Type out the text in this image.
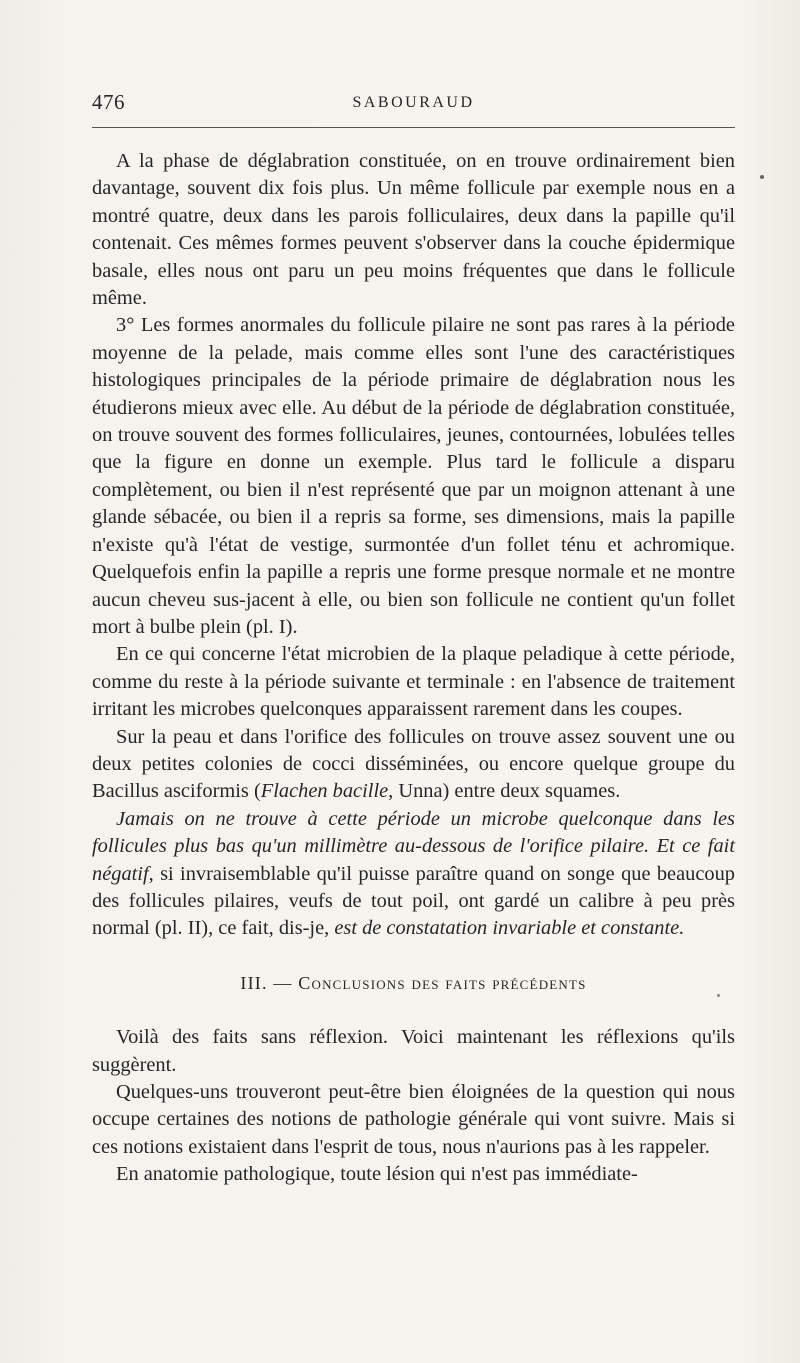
476	SABOURAUD

A la phase de déglabration constituée, on en trouve ordinairement bien davantage, souvent dix fois plus. Un même follicule par exemple nous en a montré quatre, deux dans les parois folliculaires, deux dans la papille qu'il contenait. Ces mêmes formes peuvent s'observer dans la couche épidermique basale, elles nous ont paru un peu moins fréquentes que dans le follicule même.

3° Les formes anormales du follicule pilaire ne sont pas rares à la période moyenne de la pelade, mais comme elles sont l'une des caractéristiques histologiques principales de la période primaire de déglabration nous les étudierons mieux avec elle. Au début de la période de déglabration constituée, on trouve souvent des formes folliculaires, jeunes, contournées, lobulées telles que la figure en donne un exemple. Plus tard le follicule a disparu complètement, ou bien il n'est représenté que par un moignon attenant à une glande sébacée, ou bien il a repris sa forme, ses dimensions, mais la papille n'existe qu'à l'état de vestige, surmontée d'un follet ténu et achromique. Quelquefois enfin la papille a repris une forme presque normale et ne montre aucun cheveu sus-jacent à elle, ou bien son follicule ne contient qu'un follet mort à bulbe plein (pl. I).

En ce qui concerne l'état microbien de la plaque peladique à cette période, comme du reste à la période suivante et terminale : en l'absence de traitement irritant les microbes quelconques apparaissent rarement dans les coupes.

Sur la peau et dans l'orifice des follicules on trouve assez souvent une ou deux petites colonies de cocci disséminées, ou encore quelque groupe du Bacillus asciformis (Flachen bacille, Unna) entre deux squames.

Jamais on ne trouve à cette période un microbe quelconque dans les follicules plus bas qu'un millimètre au-dessous de l'orifice pilaire. Et ce fait négatif, si invraisemblable qu'il puisse paraître quand on songe que beaucoup des follicules pilaires, veufs de tout poil, ont gardé un calibre à peu près normal (pl. II), ce fait, dis-je, est de constatation invariable et constante.

III. — Conclusions des faits précédents

Voilà des faits sans réflexion. Voici maintenant les réflexions qu'ils suggèrent.

Quelques-uns trouveront peut-être bien éloignées de la question qui nous occupe certaines des notions de pathologie générale qui vont suivre. Mais si ces notions existaient dans l'esprit de tous, nous n'aurions pas à les rappeler.

En anatomie pathologique, toute lésion qui n'est pas immédiate-
